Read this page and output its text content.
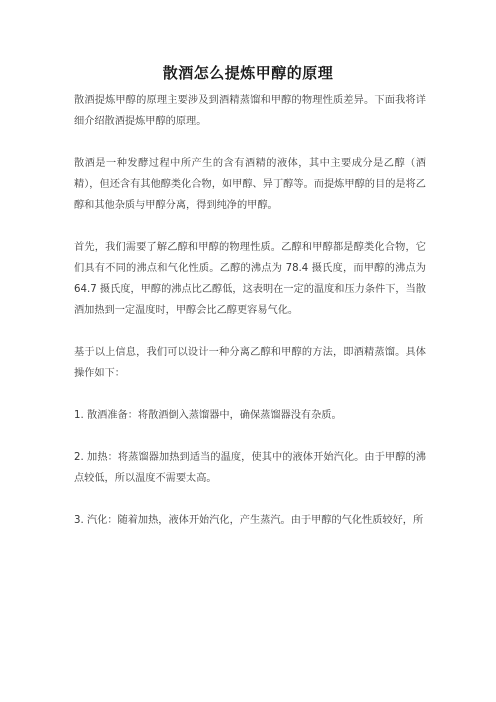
散酒怎么提炼甲醇的原理

散酒提炼甲醇的原理主要涉及到酒精蒸馏和甲醇的物理性质差异。下面我将详细介绍散酒提炼甲醇的原理。

散酒是一种发酵过程中所产生的含有酒精的液体，其中主要成分是乙醇（酒精），但还含有其他醇类化合物，如甲醇、异丁醇等。而提炼甲醇的目的是将乙醇和其他杂质与甲醇分离，得到纯净的甲醇。

首先，我们需要了解乙醇和甲醇的物理性质。乙醇和甲醇都是醇类化合物，它们具有不同的沸点和气化性质。乙醇的沸点为 78.4 摄氏度，而甲醇的沸点为 64.7 摄氏度，甲醇的沸点比乙醇低，这表明在一定的温度和压力条件下，当散酒加热到一定温度时，甲醇会比乙醇更容易气化。

基于以上信息，我们可以设计一种分离乙醇和甲醇的方法，即酒精蒸馏。具体操作如下：

1. 散酒准备：将散酒倒入蒸馏器中，确保蒸馏器没有杂质。

2. 加热：将蒸馏器加热到适当的温度，使其中的液体开始汽化。由于甲醇的沸点较低，所以温度不需要太高。

3. 汽化：随着加热，液体开始汽化，产生蒸汽。由于甲醇的气化性质较好，所
